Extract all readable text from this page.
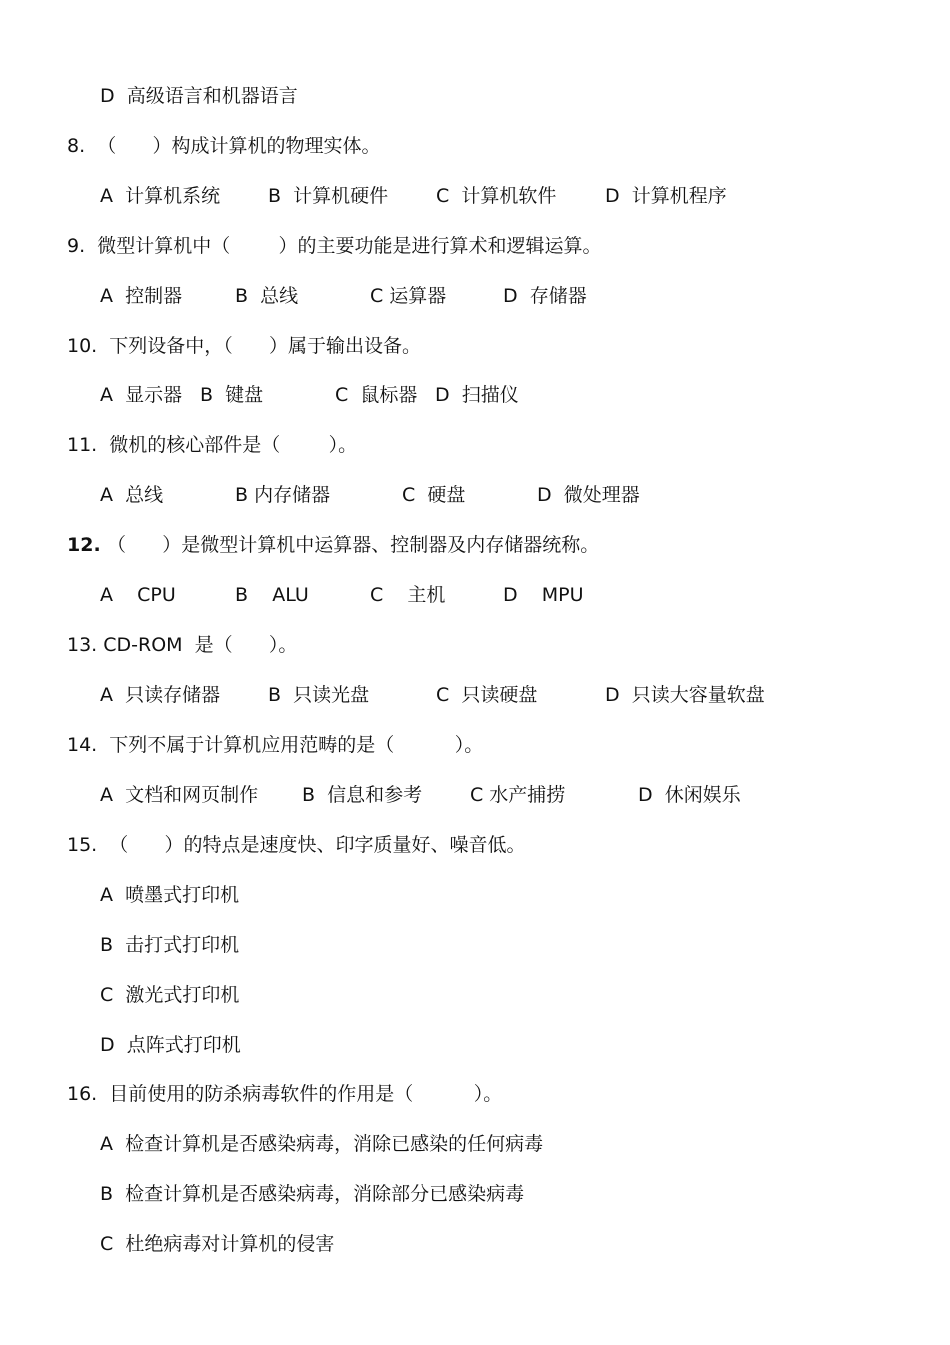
D  高级语言和机器语言

8.  （      ）构成计算机的物理实体。

A  计算机系统

	B  计算机硬件

	C  计算机软件

	D  计算机程序

9.  微型计算机中（        ）的主要功能是进行算术和逻辑运算。

A  控制器

	B  总线

	C 运算器

	D  存储器

10.  下列设备中，（      ）属于输出设备。

A  显示器

B  键盘

	C  鼠标器

D  扫描仪

11.  微机的核心部件是（        ）。

A  总线

	B 内存储器

	C  硬盘

	D  微处理器

12.

（      ）是微型计算机中运算器、控制器及内存储器统称。

A    CPU

	B    ALU

	C    主机

	D    MPU

13. CD-ROM  是（      ）。

A  只读存储器

	B  只读光盘

	C  只读硬盘

	D  只读大容量软盘

14.  下列不属于计算机应用范畴的是（          ）。

A  文档和网页制作

B  信息和参考

	C 水产捕捞

	D  休闲娱乐

15.  （      ）的特点是速度快、印字质量好、噪音低。

A  喷墨式打印机

B  击打式打印机

C  激光式打印机

D  点阵式打印机

16.  目前使用的防杀病毒软件的作用是（          ）。

A  检查计算机是否感染病毒，消除已感染的任何病毒

B  检查计算机是否感染病毒，消除部分已感染病毒

C  杜绝病毒对计算机的侵害
